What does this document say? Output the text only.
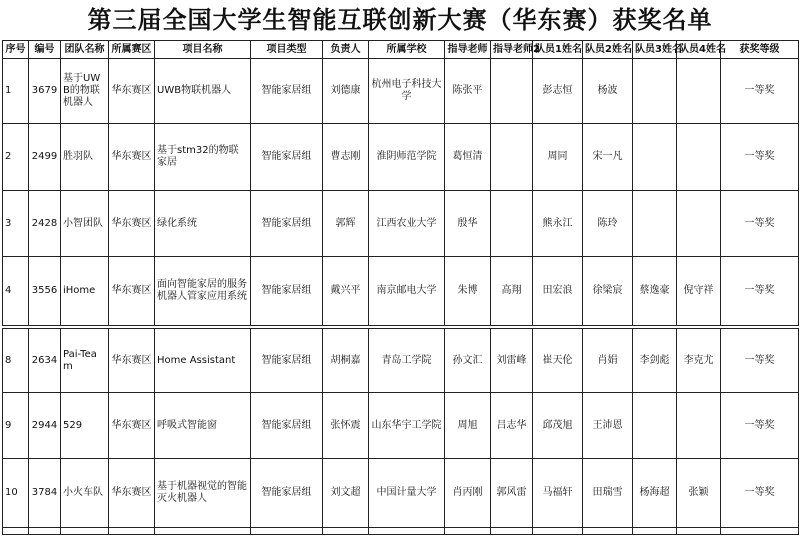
第三届全国大学生智能互联创新大赛（华东赛）获奖名单
序号	编号	团队名称	所属赛区	项目名称	项目类型	负责人	所属学校	指导老师	指导老师2	队员1姓名	队员2姓名	队员3姓名	队员4姓名	获奖等级
1	3679	基于UWB的物联机器人	华东赛区	UWB物联机器人	智能家居组	刘德康	杭州电子科技大学	陈张平		彭志恒	杨波			一等奖
2	2499	胜羽队	华东赛区	基于stm32的物联家居	智能家居组	曹志刚	淮阴师范学院	葛恒清		周同	宋一凡			一等奖
3	2428	小智团队	华东赛区	绿化系统	智能家居组	郭辉	江西农业大学	殷华		熊永江	陈玲			一等奖
4	3556	iHome	华东赛区	面向智能家居的服务机器人管家应用系统	智能家居组	戴兴平	南京邮电大学	朱博	高翔	田宏浪	徐梁宸	蔡逸豪	倪守祥	一等奖

8	2634	Pai-Team	华东赛区	Home Assistant	智能家居组	胡桐嘉	青岛工学院	孙文汇	刘雷峰	崔天伦	肖娟	李剑彪	李克尤	一等奖
9	2944	529	华东赛区	呼吸式智能窗	智能家居组	张怀震	山东华宇工学院	周旭	吕志华	邱茂旭	王沛恩			一等奖
10	3784	小火车队	华东赛区	基于机器视觉的智能灭火机器人	智能家居组	刘文超	中国计量大学	肖丙刚	郭风雷	马福轩	田瑞雪	杨海超	张颖	一等奖
